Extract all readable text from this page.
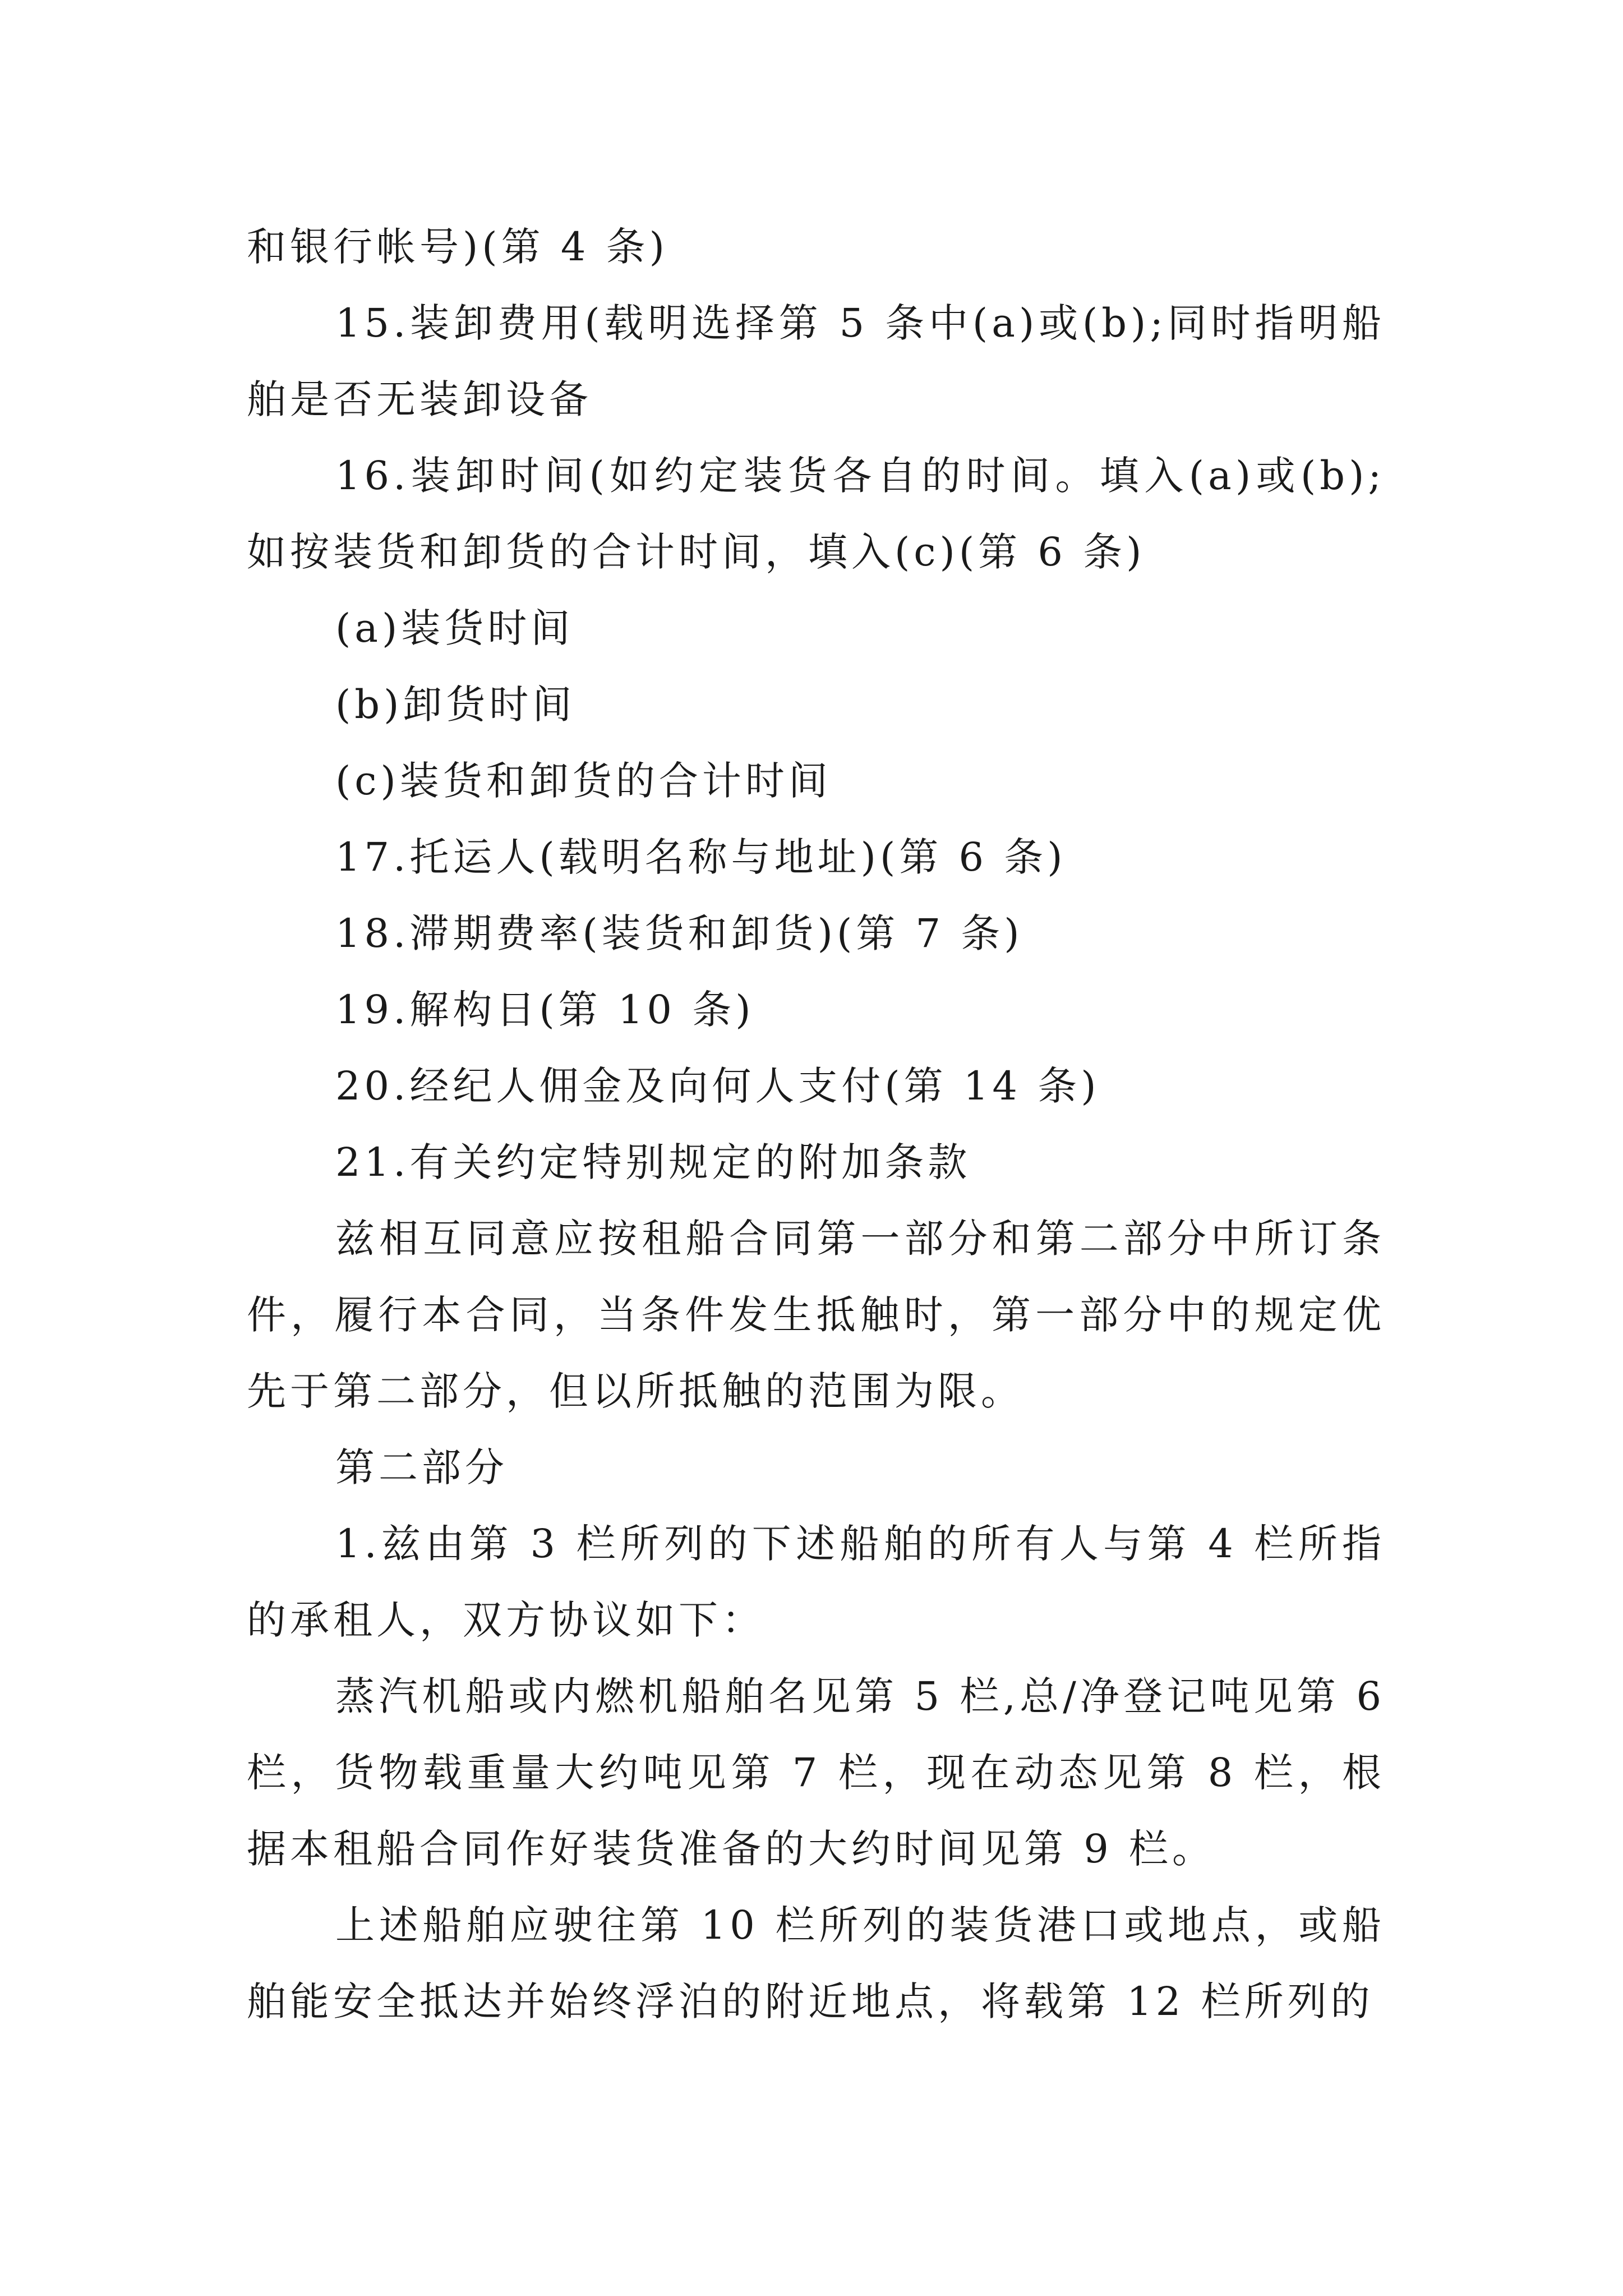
和银行帐号)(第 4 条)

15.装卸费用(载明选择第 5 条中(a)或(b);同时指明船舶是否无装卸设备

16.装卸时间(如约定装货各自的时间。填入(a)或(b);如按装货和卸货的合计时间，填入(c)(第 6 条)

(a)装货时间

(b)卸货时间

(c)装货和卸货的合计时间

17.托运人(载明名称与地址)(第 6 条)

18.滞期费率(装货和卸货)(第 7 条)

19.解构日(第 10 条)

20.经纪人佣金及向何人支付(第 14 条)

21.有关约定特别规定的附加条款

兹相互同意应按租船合同第一部分和第二部分中所订条件，履行本合同，当条件发生抵触时，第一部分中的规定优先于第二部分，但以所抵触的范围为限。

第二部分

1.兹由第 3 栏所列的下述船舶的所有人与第 4 栏所指的承租人，双方协议如下：

蒸汽机船或内燃机船舶名见第 5 栏,总/净登记吨见第 6 栏，货物载重量大约吨见第 7 栏，现在动态见第 8 栏，根据本租船合同作好装货准备的大约时间见第 9 栏。

上述船舶应驶往第 10 栏所列的装货港口或地点，或船舶能安全抵达并始终浮泊的附近地点，将载第 12 栏所列的
